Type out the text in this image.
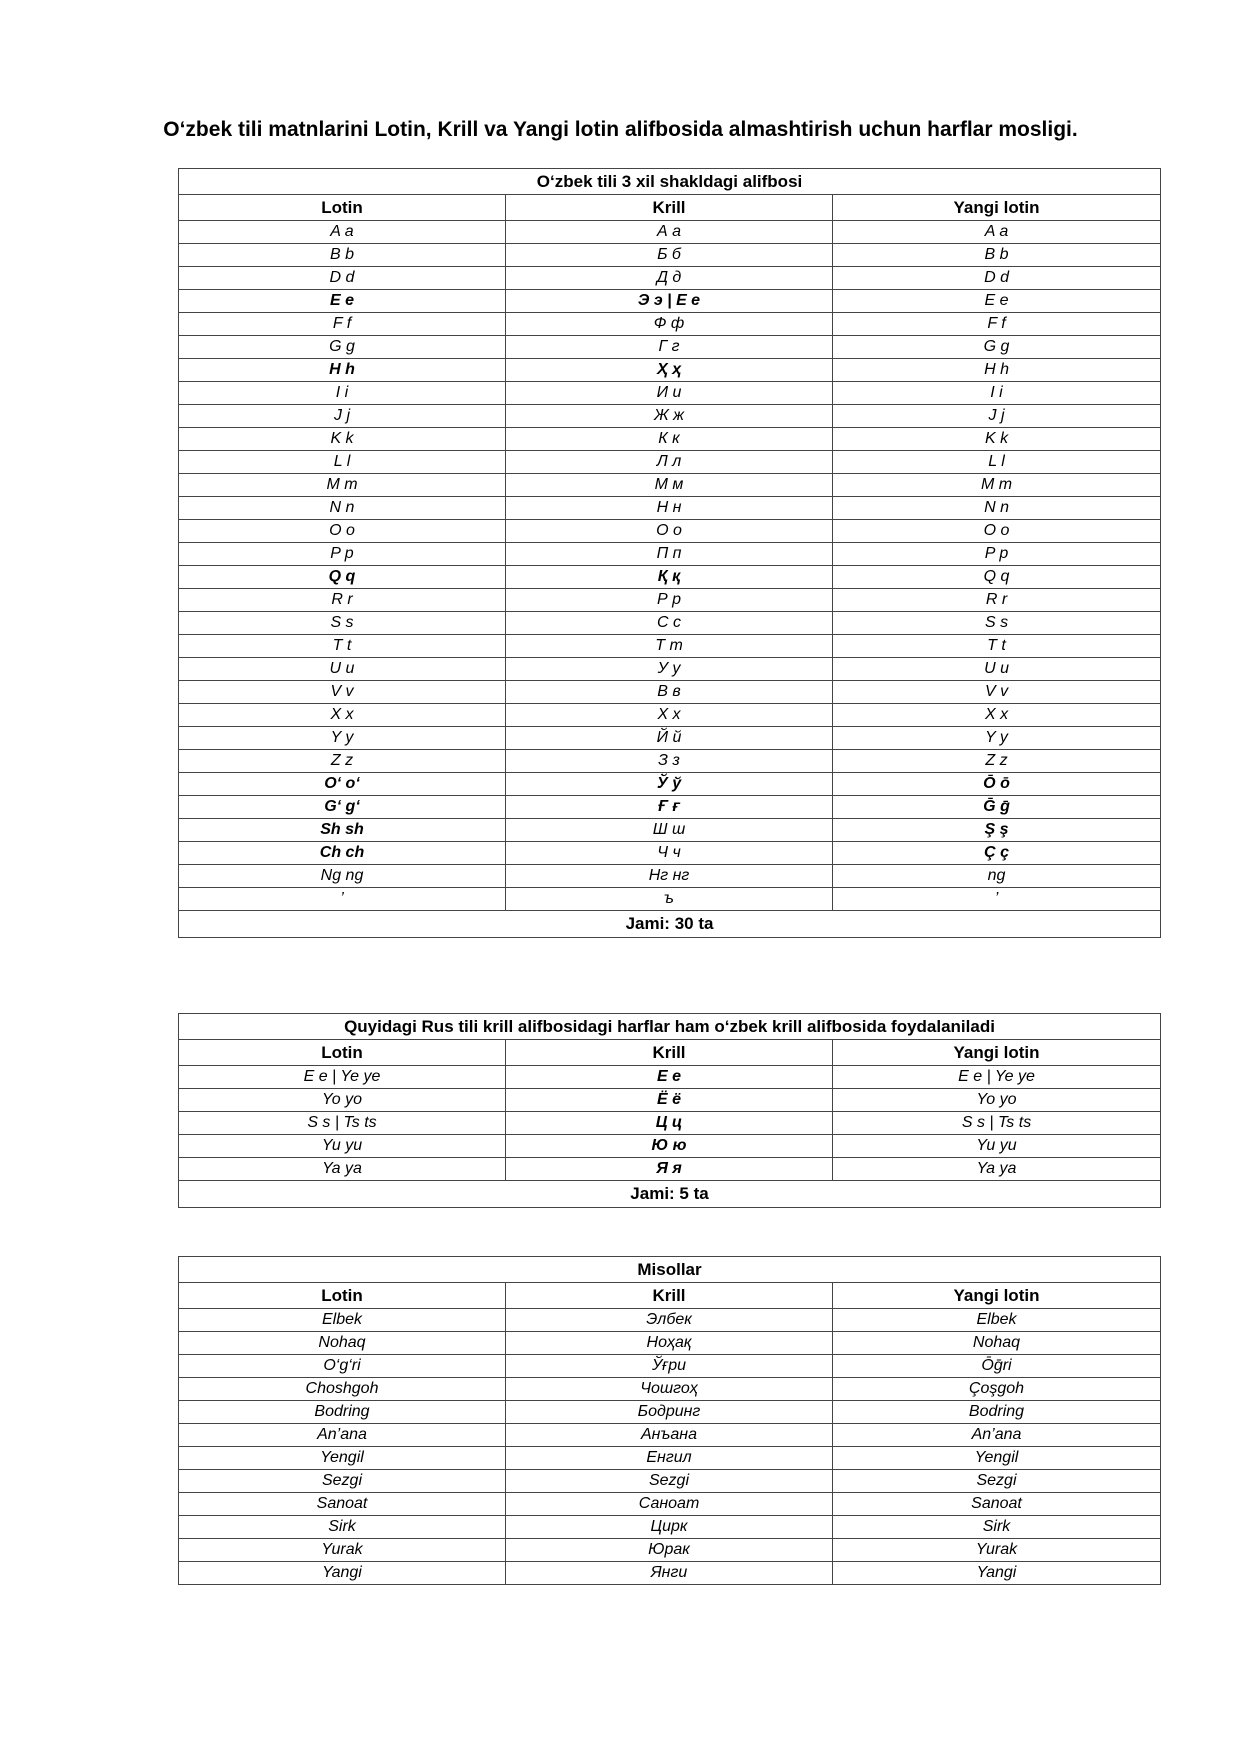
O‘zbek tili matnlarini Lotin, Krill va Yangi lotin alifbosida almashtirish uchun harflar mosligi.
O‘zbek tili 3 xil shakldagi alifbosi		
Lotin	Krill	Yangi lotin
A a	А а	A a
B b	Б б	B b
D d	Д д	D d
E e	Э э | Е е	E e
F f	Ф ф	F f
G g	Г г	G g
H h	Ҳ ҳ	H h
I i	И и	I i
J j	Ж ж	J j
K k	К к	K k
L l	Л л	L l
M m	М м	M m
N n	Н н	N n
O o	О о	O o
P p	П п	P p
Q q	Қ қ	Q q
R r	Р р	R r
S s	С с	S s
T t	Т т	T t
U u	У у	U u
V v	В в	V v
X x	Х х	X x
Y y	Й й	Y y
Z z	З з	Z z
O‘ o‘	Ў ў	Ō ō
G‘ g‘	Ғ ғ	Ḡ ḡ
Sh sh	Ш ш	Ş ş
Ch ch	Ч ч	Ç ç
Ng ng	Нг нг	ng
’	ъ	’
Jami: 30 ta		
Quyidagi Rus tili krill alifbosidagi harflar ham o‘zbek krill alifbosida foydalaniladi		
Lotin	Krill	Yangi lotin
E e | Ye ye	Е е	E e | Ye ye
Yo yo	Ё ё	Yo yo
S s | Ts ts	Ц ц	S s | Ts ts
Yu yu	Ю ю	Yu yu
Ya ya	Я я	Ya ya
Jami: 5 ta		
Misollar		
Lotin	Krill	Yangi lotin
Elbek	Элбек	Elbek
Nohaq	Ноҳақ	Nohaq
O‘g‘ri	Ўғри	Ōḡri
Choshgoh	Чошгоҳ	Çoşgoh
Bodring	Бодринг	Bodring
An’ana	Анъана	An’ana
Yengil	Енгил	Yengil
Sezgi	Sezgi	Sezgi
Sanoat	Саноат	Sanoat
Sirk	Цирк	Sirk
Yurak	Юрак	Yurak
Yangi	Янги	Yangi
